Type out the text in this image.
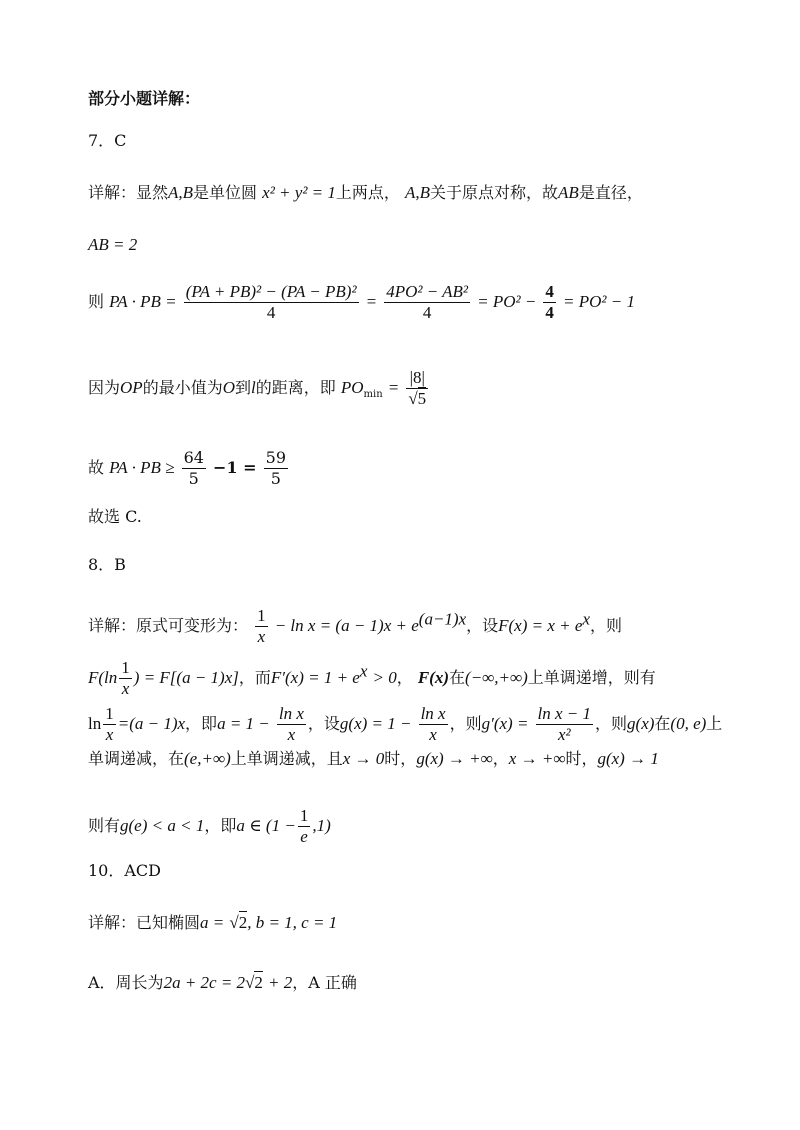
部分小题详解：
7．C
详解：显然A,B是单位圆 x² + y² = 1上两点， A,B关于原点对称，故AB是直径，
AB = 2
则 PA · PB = $\frac{\text{(PA + PB)² − (PA − PB)²}}{4} = \frac{\text{4PO² − AB²}}{4} = PO^2 - \frac{4}{4} = PO^2 - 1$
因为OP的最小值为O到l的距离，即 $PO_{min} = |8|$
√ 5
故 PA · PB ≥ $\frac{64}{5} -1 = \frac{59}{5}$
故选 C.
8．B
详解：原式可变形为： $\frac{1}{x} - \ln x = (a - 1)x + e^{(a-1)x}$，设$F(x) = x + e^x$，则
$F(\ln \frac{1}{x}$ ) = F[(a − 1)x]，而$F'(x) = 1 + e^x > 0$， F(x)在(−∞,+∞)上单调递增，则有
$\ln \frac{1}{x} =(a - 1)x$，即$a = 1 - \frac{\text{ln x}}{x}$ ，设$g(x) = 1 - \frac{\text{ln x}}{x}$ ，则$g'(x) = \frac{\text{ln x − 1}}{\text{x²}}$ ，则g(x)在(0, e)上
单调递减，在(e,+∞)上单调递减，且x → 0时，g(x) → +∞，x → +∞时，g(x) → 1
则有g(e) < a < 1，即a ∈ $(1 - \frac{1}{e} ,1)$
10．ACD
详解：已知椭圆a = √ 2, b = 1, c = 1
A．周长为2a + 2c = 2 √ 2 + 2，A 正确
